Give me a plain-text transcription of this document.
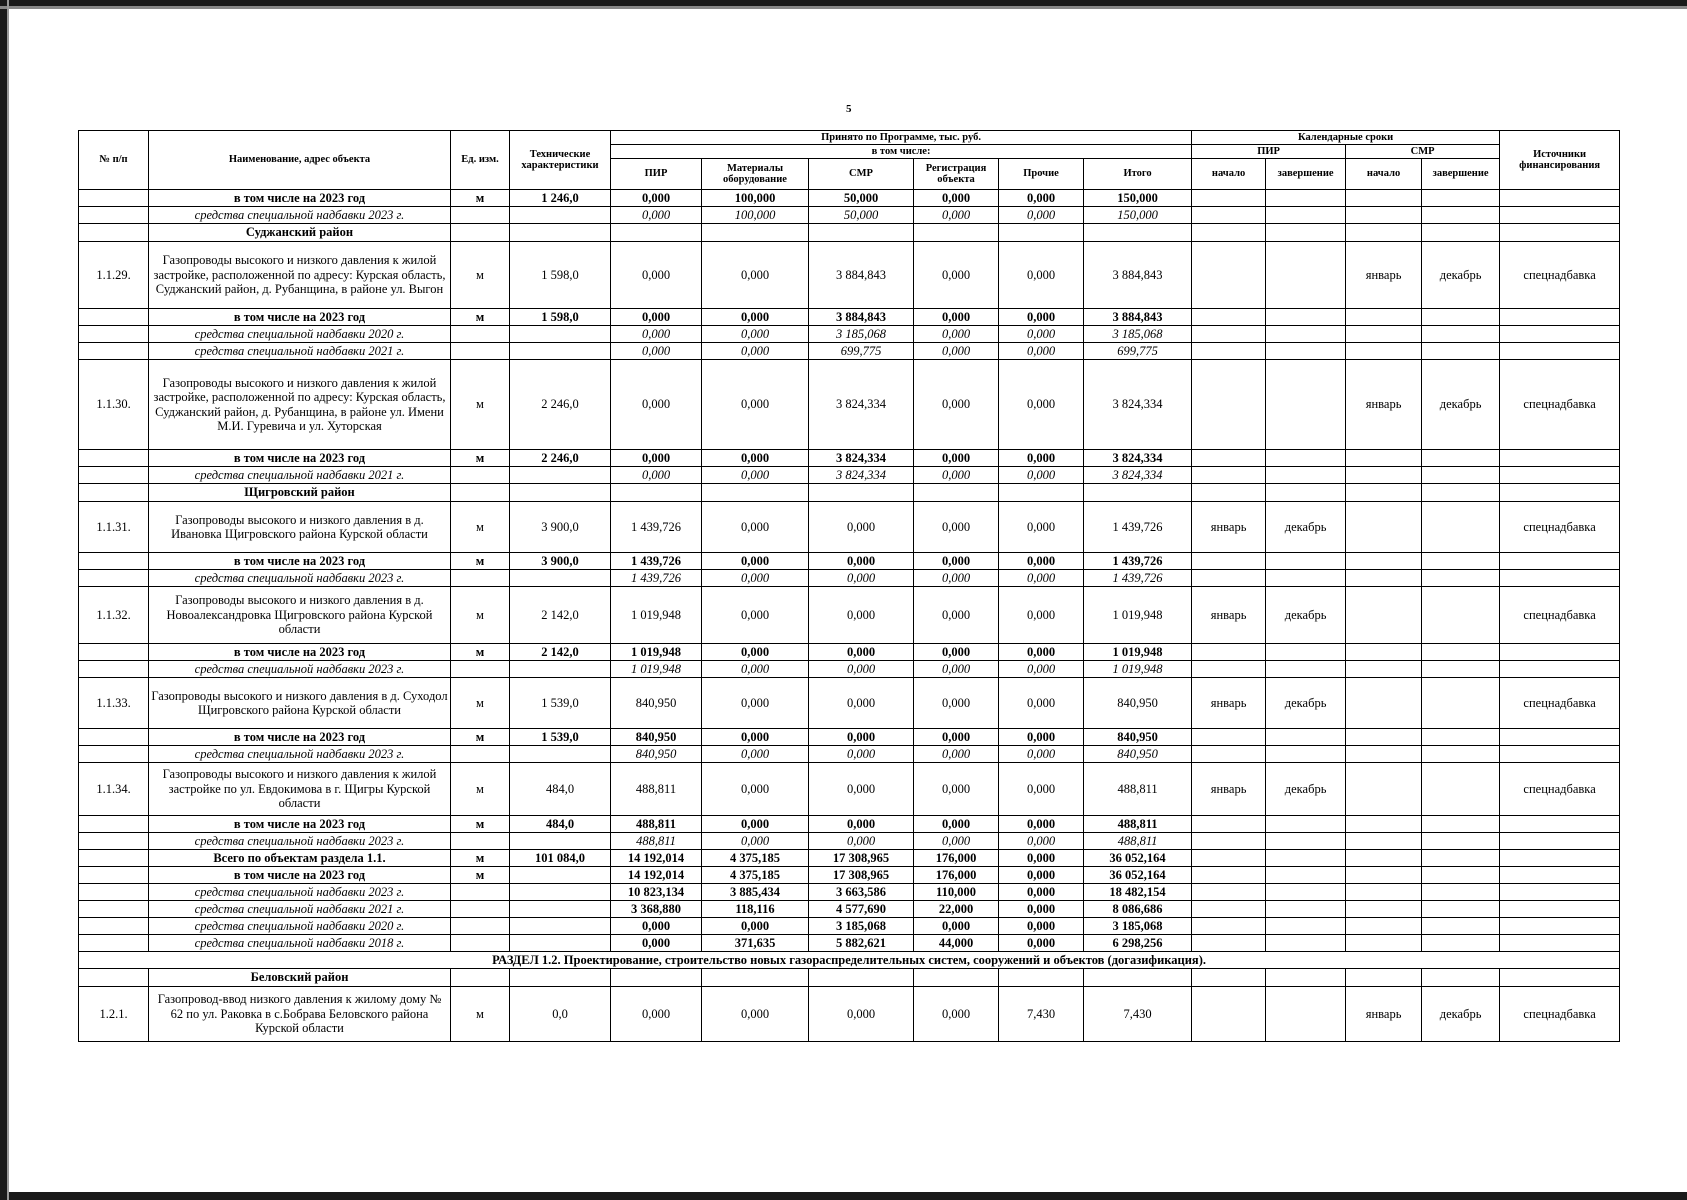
5
№ п/п	Наименование, адрес объекта	Ед. изм.	Технические характеристики	Принято по Программе, тыс. руб.						Календарные сроки				Источники финансирования
				в том числе:						ПИР		СМР		
				ПИР	Материалы оборудование	СМР	Регистрация объекта	Прочие	Итого	начало	завершение	начало	завершение	
	в том числе на 2023 год	м	1 246,0	0,000	100,000	50,000	0,000	0,000	150,000					
	средства специальной надбавки 2023 г.			0,000	100,000	50,000	0,000	0,000	150,000					
	Суджанский район													
1.1.29.	Газопроводы высокого и низкого давления к жилой застройке, расположенной по адресу: Курская область, Суджанский район, д. Рубанщина, в районе ул. Выгон	м	1 598,0	0,000	0,000	3 884,843	0,000	0,000	3 884,843			январь	декабрь	спецнадбавка
	в том числе на 2023 год	м	1 598,0	0,000	0,000	3 884,843	0,000	0,000	3 884,843					
	средства специальной надбавки 2020 г.			0,000	0,000	3 185,068	0,000	0,000	3 185,068					
	средства специальной надбавки 2021 г.			0,000	0,000	699,775	0,000	0,000	699,775					
1.1.30.	Газопроводы высокого и низкого давления к жилой застройке, расположенной по адресу: Курская область, Суджанский район, д. Рубанщина, в районе ул. Имени М.И. Гуревича и ул. Хуторская	м	2 246,0	0,000	0,000	3 824,334	0,000	0,000	3 824,334			январь	декабрь	спецнадбавка
	в том числе на 2023 год	м	2 246,0	0,000	0,000	3 824,334	0,000	0,000	3 824,334					
	средства специальной надбавки 2021 г.			0,000	0,000	3 824,334	0,000	0,000	3 824,334					
	Щигровский район													
1.1.31.	Газопроводы высокого и низкого давления в д. Ивановка Щигровского района Курской области	м	3 900,0	1 439,726	0,000	0,000	0,000	0,000	1 439,726	январь	декабрь			спецнадбавка
	в том числе на 2023 год	м	3 900,0	1 439,726	0,000	0,000	0,000	0,000	1 439,726					
	средства специальной надбавки 2023 г.			1 439,726	0,000	0,000	0,000	0,000	1 439,726					
1.1.32.	Газопроводы высокого и низкого давления в д. Новоалександровка Щигровского района Курской области	м	2 142,0	1 019,948	0,000	0,000	0,000	0,000	1 019,948	январь	декабрь			спецнадбавка
	в том числе на 2023 год	м	2 142,0	1 019,948	0,000	0,000	0,000	0,000	1 019,948					
	средства специальной надбавки 2023 г.			1 019,948	0,000	0,000	0,000	0,000	1 019,948					
1.1.33.	Газопроводы высокого и низкого давления в д. Суходол Щигровского района Курской области	м	1 539,0	840,950	0,000	0,000	0,000	0,000	840,950	январь	декабрь			спецнадбавка
	в том числе на 2023 год	м	1 539,0	840,950	0,000	0,000	0,000	0,000	840,950					
	средства специальной надбавки 2023 г.			840,950	0,000	0,000	0,000	0,000	840,950					
1.1.34.	Газопроводы высокого и низкого давления к жилой застройке по ул. Евдокимова в г. Щигры Курской области	м	484,0	488,811	0,000	0,000	0,000	0,000	488,811	январь	декабрь			спецнадбавка
	в том числе на 2023 год	м	484,0	488,811	0,000	0,000	0,000	0,000	488,811					
	средства специальной надбавки 2023 г.			488,811	0,000	0,000	0,000	0,000	488,811					
	Всего по объектам раздела 1.1.	м	101 084,0	14 192,014	4 375,185	17 308,965	176,000	0,000	36 052,164					
	в том числе на 2023 год	м		14 192,014	4 375,185	17 308,965	176,000	0,000	36 052,164					
	средства специальной надбавки 2023 г.			10 823,134	3 885,434	3 663,586	110,000	0,000	18 482,154					
	средства специальной надбавки 2021 г.			3 368,880	118,116	4 577,690	22,000	0,000	8 086,686					
	средства специальной надбавки 2020 г.			0,000	0,000	3 185,068	0,000	0,000	3 185,068					
	средства специальной надбавки 2018 г.			0,000	371,635	5 882,621	44,000	0,000	6 298,256					
РАЗДЕЛ 1.2. Проектирование, строительство новых газораспределительных систем, сооружений и объектов (догазификация).														
	Беловский район													
1.2.1.	Газопровод-ввод низкого давления к жилому дому № 62 по ул. Раковка в с.Бобрава Беловского района Курской области	м	0,0	0,000	0,000	0,000	0,000	7,430	7,430			январь	декабрь	спецнадбавка
